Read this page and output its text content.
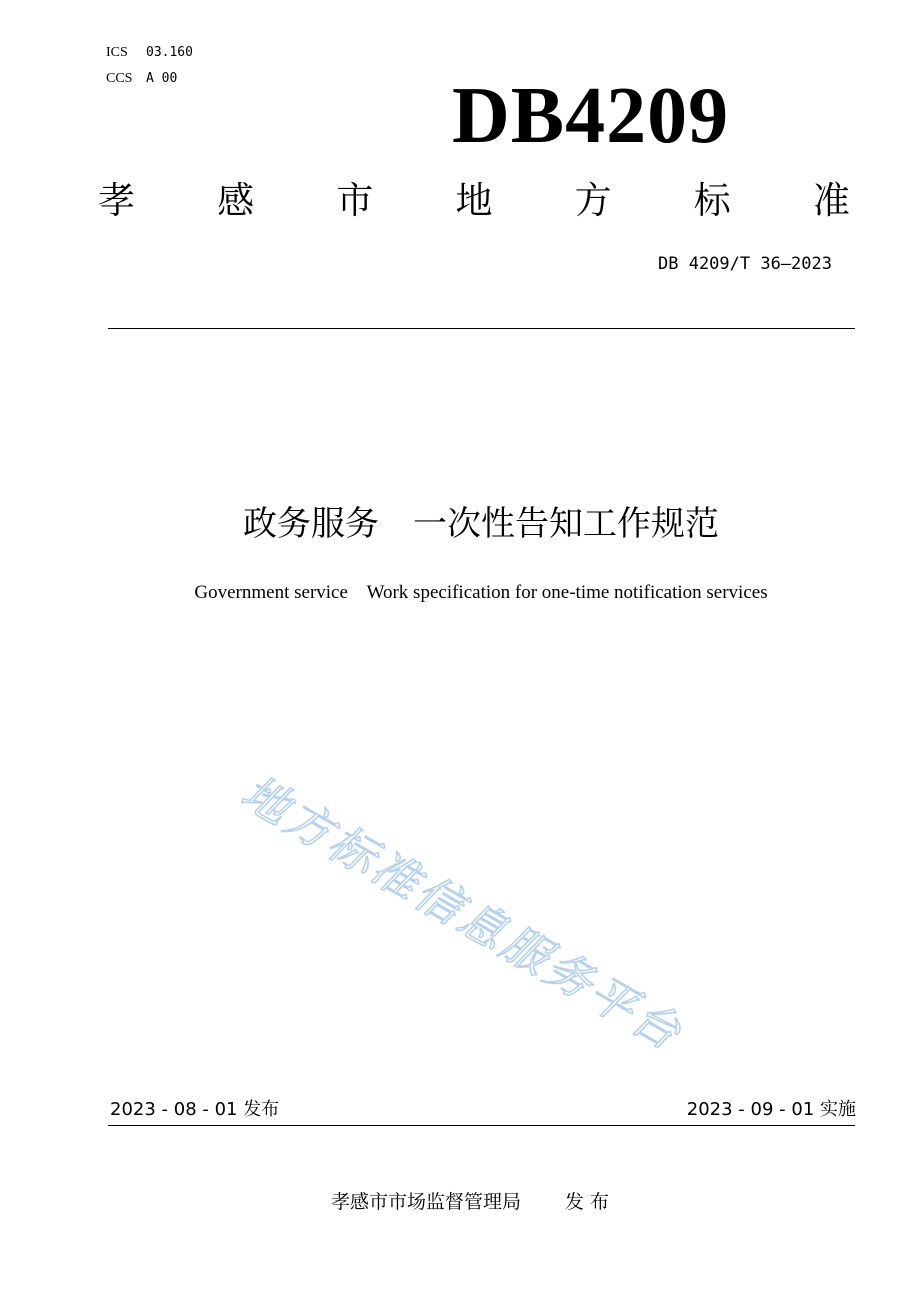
ICS 03.160
CCS A 00	DB4209
孝 感 市 地 方 标 准
DB 4209/T 36—2023
政务服务　一次性告知工作规范
Government service    Work specification for one-time notification services
地方标准信息服务平台
2023 - 08 - 01 发布	2023 - 09 - 01 实施
孝感市市场监督管理局 发 布
